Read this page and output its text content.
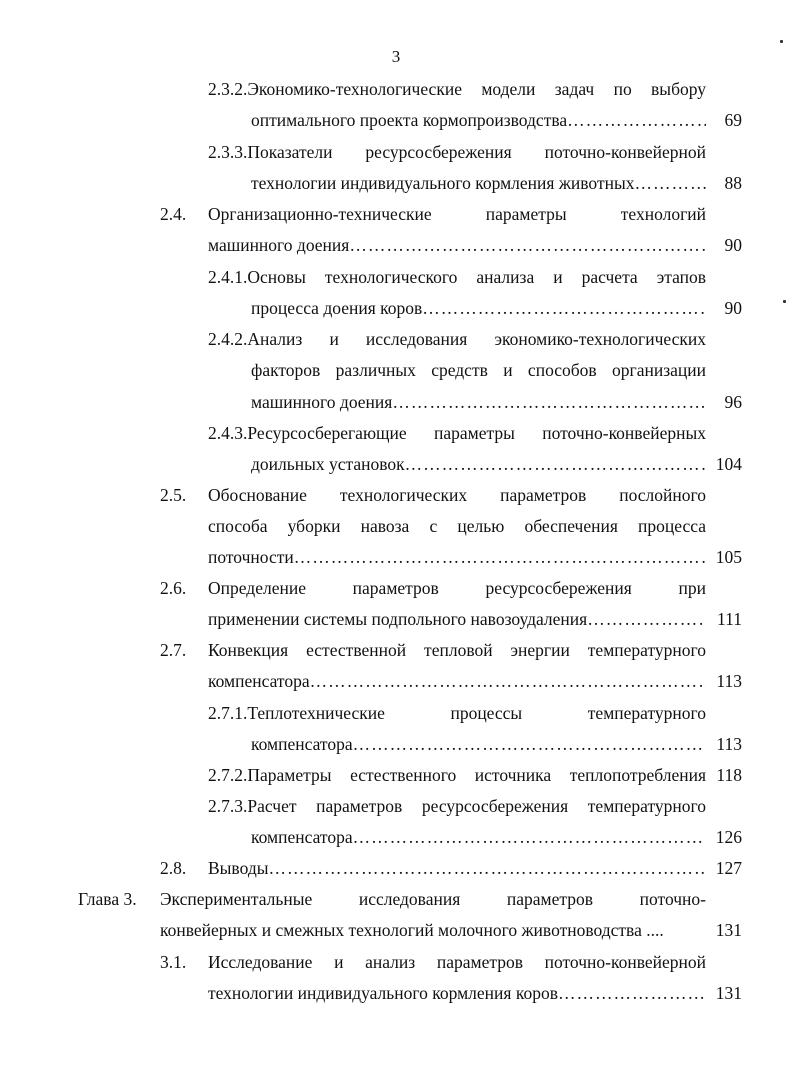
3
2.3.2.Экономико-технологические модели задач по выбору
оптимального проекта кормопроизводства …………………………………………………………………………………………………………………………………………………………………………………………	69
2.3.3.Показатели ресурсосбережения поточно-конвейерной
технологии индивидуального кормления животных …………………………………………………………………………………………………………………………………………………………………………………………	88
2.4. Организационно-технические параметры технологий
машинного доения …………………………………………………………………………………………………………………………………………………………………………………………	90
2.4.1.Основы технологического анализа и расчета этапов
процесса доения коров …………………………………………………………………………………………………………………………………………………………………………………………	90
2.4.2.Анализ и исследования экономико-технологических
факторов различных средств и способов организации
машинного доения …………………………………………………………………………………………………………………………………………………………………………………………	96
2.4.3.Ресурсосберегающие параметры поточно-конвейерных
доильных установок …………………………………………………………………………………………………………………………………………………………………………………………	104
2.5. Обоснование технологических параметров послойного
способа уборки навоза с целью обеспечения процесса
поточности …………………………………………………………………………………………………………………………………………………………………………………………	105
2.6. Определение параметров ресурсосбережения при
применении системы подпольного навозоудаления …………………………………………………………………………………………………………………………………………………………………………………………	111
2.7. Конвекция естественной тепловой энергии температурного
компенсатора …………………………………………………………………………………………………………………………………………………………………………………………	113
2.7.1.Теплотехнические процессы температурного
компенсатора …………………………………………………………………………………………………………………………………………………………………………………………	113
2.7.2.Параметры естественного источника теплопотребления 118
2.7.3.Расчет параметров ресурсосбережения температурного
компенсатора …………………………………………………………………………………………………………………………………………………………………………………………	126
2.8. Выводы …………………………………………………………………………………………………………………………………………………………………………………………	127
Глава 3. Экспериментальные исследования параметров поточно-
конвейерных и смежных технологий молочного животноводства ....	131
3.1. Исследование и анализ параметров поточно-конвейерной
технологии индивидуального кормления коров …………………………………………………………………………………………………………………………………………………………………………………………	131
